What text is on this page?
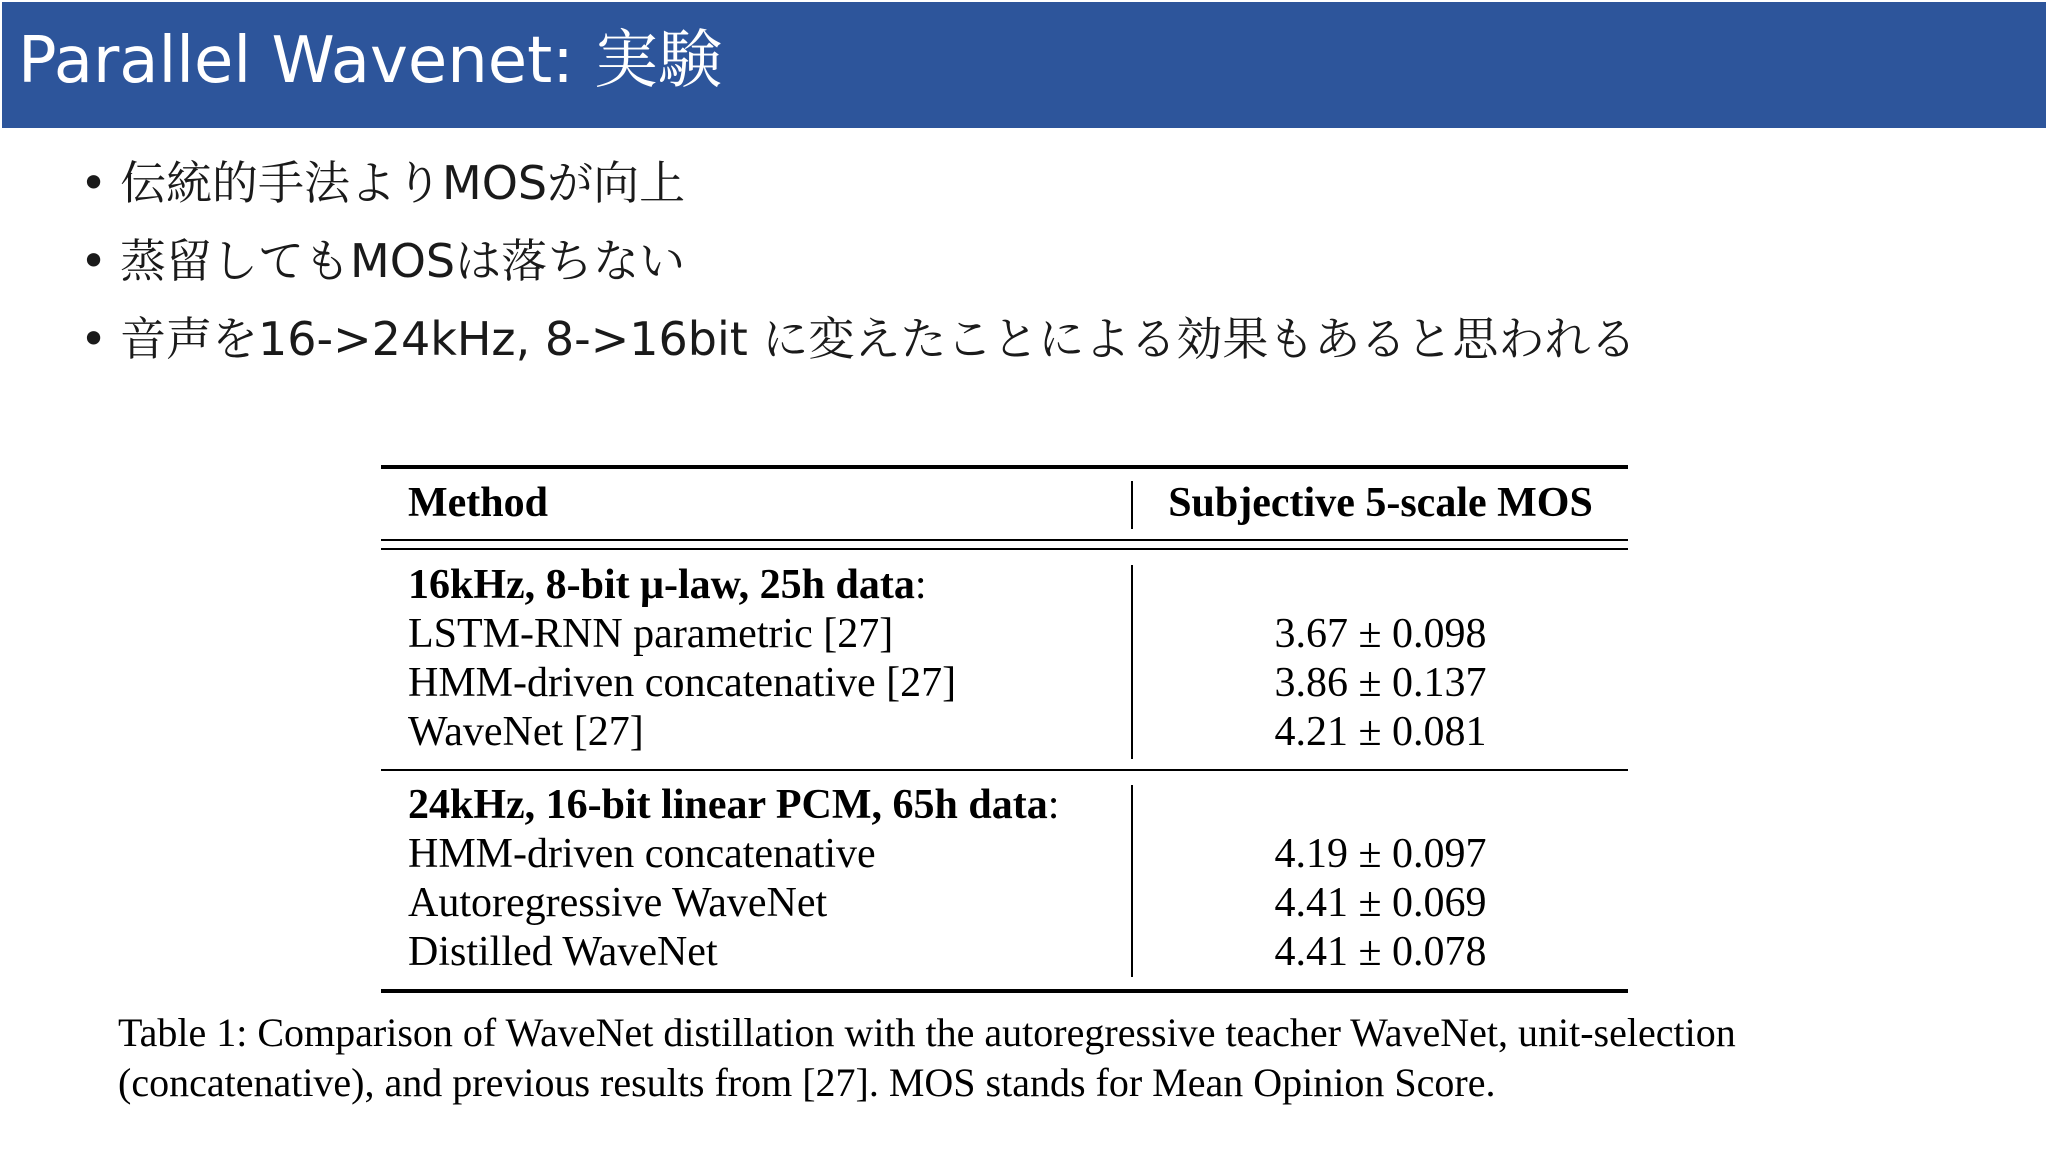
Parallel Wavenet: 実験
• 伝統的手法よりMOSが向上
• 蒸留してもMOSは落ちない
• 音声を16->24kHz, 8->16bit に変えたことによる効果もあると思われる
Method	Subjective 5-scale MOS
16kHz, 8-bit μ-law, 25h data:
LSTM-RNN parametric [27]	3.67 ± 0.098
HMM-driven concatenative [27]	3.86 ± 0.137
WaveNet [27]	4.21 ± 0.081
24kHz, 16-bit linear PCM, 65h data:
HMM-driven concatenative	4.19 ± 0.097
Autoregressive WaveNet	4.41 ± 0.069
Distilled WaveNet	4.41 ± 0.078
Table 1: Comparison of WaveNet distillation with the autoregressive teacher WaveNet, unit-selection
(concatenative), and previous results from [27]. MOS stands for Mean Opinion Score.
